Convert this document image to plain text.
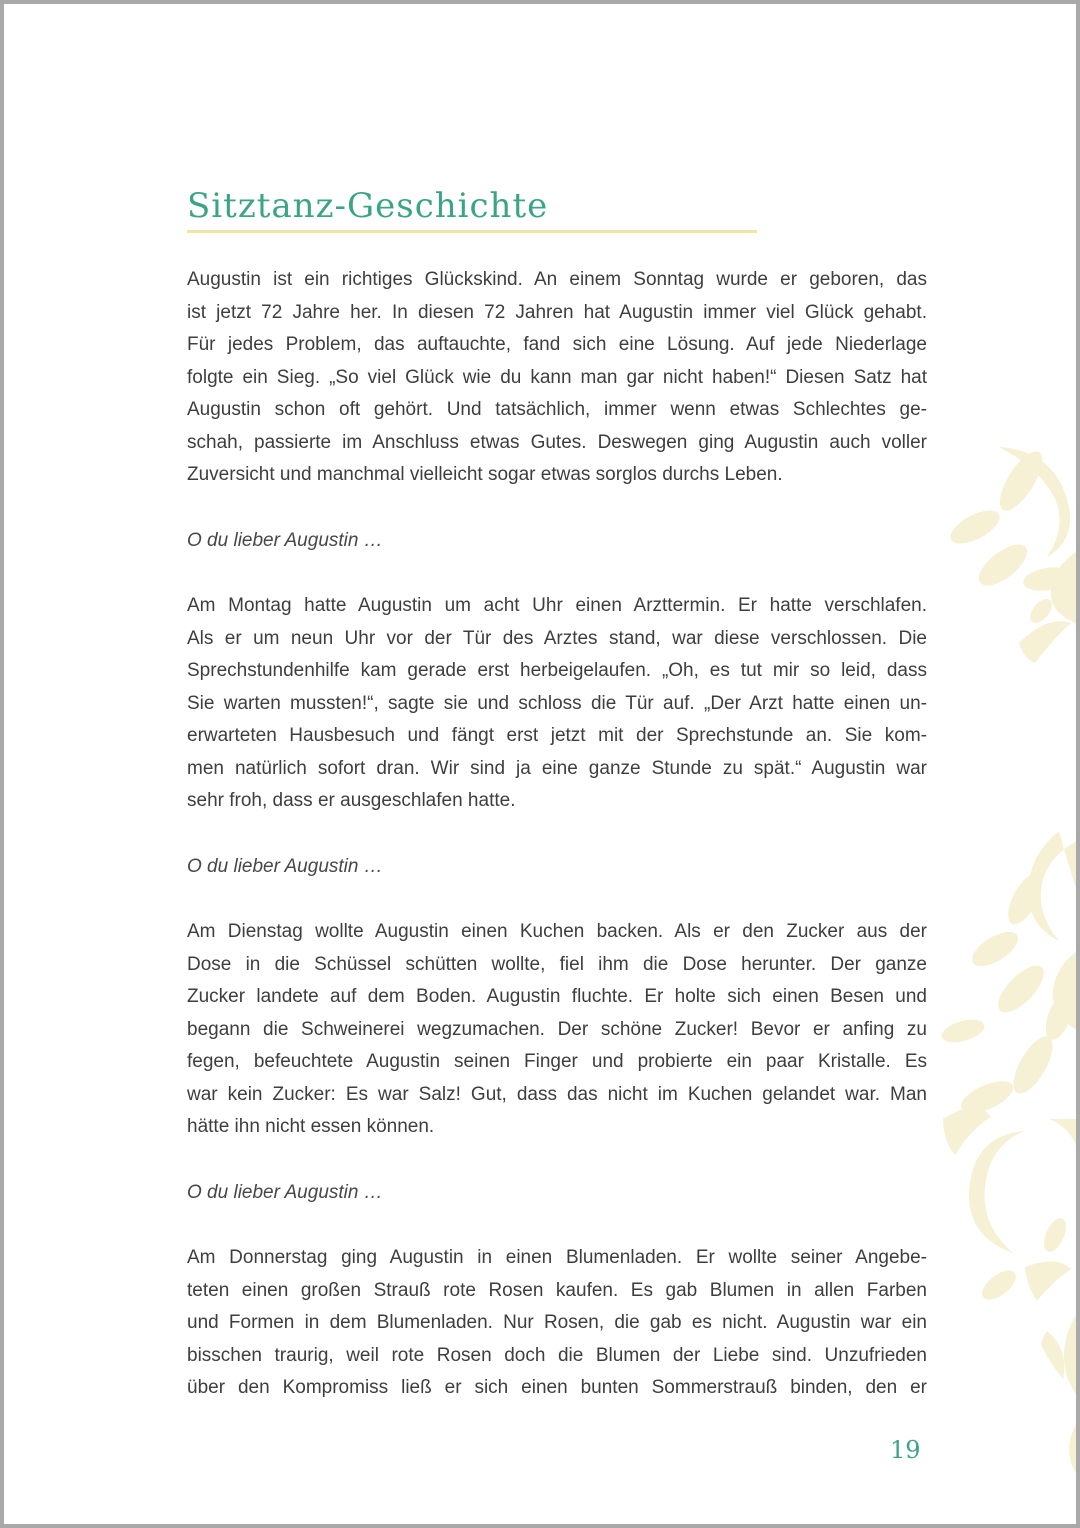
Sitztanz-Geschichte
Augustin ist ein richtiges Glückskind. An einem Sonntag wurde er geboren, das
ist jetzt 72 Jahre her. In diesen 72 Jahren hat Augustin immer viel Glück gehabt.
Für jedes Problem, das auftauchte, fand sich eine Lösung. Auf jede Niederlage
folgte ein Sieg. „So viel Glück wie du kann man gar nicht haben!“ Diesen Satz hat
Augustin schon oft gehört. Und tatsächlich, immer wenn etwas Schlechtes ge-
schah, passierte im Anschluss etwas Gutes. Deswegen ging Augustin auch voller
Zuversicht und manchmal vielleicht sogar etwas sorglos durchs Leben.
O du lieber Augustin …
Am Montag hatte Augustin um acht Uhr einen Arzttermin. Er hatte verschlafen.
Als er um neun Uhr vor der Tür des Arztes stand, war diese verschlossen. Die
Sprechstundenhilfe kam gerade erst herbeigelaufen. „Oh, es tut mir so leid, dass
Sie warten mussten!“, sagte sie und schloss die Tür auf. „Der Arzt hatte einen un-
erwarteten Hausbesuch und fängt erst jetzt mit der Sprechstunde an. Sie kom-
men natürlich sofort dran. Wir sind ja eine ganze Stunde zu spät.“ Augustin war
sehr froh, dass er ausgeschlafen hatte.
O du lieber Augustin …
Am Dienstag wollte Augustin einen Kuchen backen. Als er den Zucker aus der
Dose in die Schüssel schütten wollte, fiel ihm die Dose herunter. Der ganze
Zucker landete auf dem Boden. Augustin fluchte. Er holte sich einen Besen und
begann die Schweinerei wegzumachen. Der schöne Zucker! Bevor er anfing zu
fegen, befeuchtete Augustin seinen Finger und probierte ein paar Kristalle. Es
war kein Zucker: Es war Salz! Gut, dass das nicht im Kuchen gelandet war. Man
hätte ihn nicht essen können.
O du lieber Augustin …
Am Donnerstag ging Augustin in einen Blumenladen. Er wollte seiner Angebe-
teten einen großen Strauß rote Rosen kaufen. Es gab Blumen in allen Farben
und Formen in dem Blumenladen. Nur Rosen, die gab es nicht. Augustin war ein
bisschen traurig, weil rote Rosen doch die Blumen der Liebe sind. Unzufrieden
über den Kompromiss ließ er sich einen bunten Sommerstrauß binden, den er
19
